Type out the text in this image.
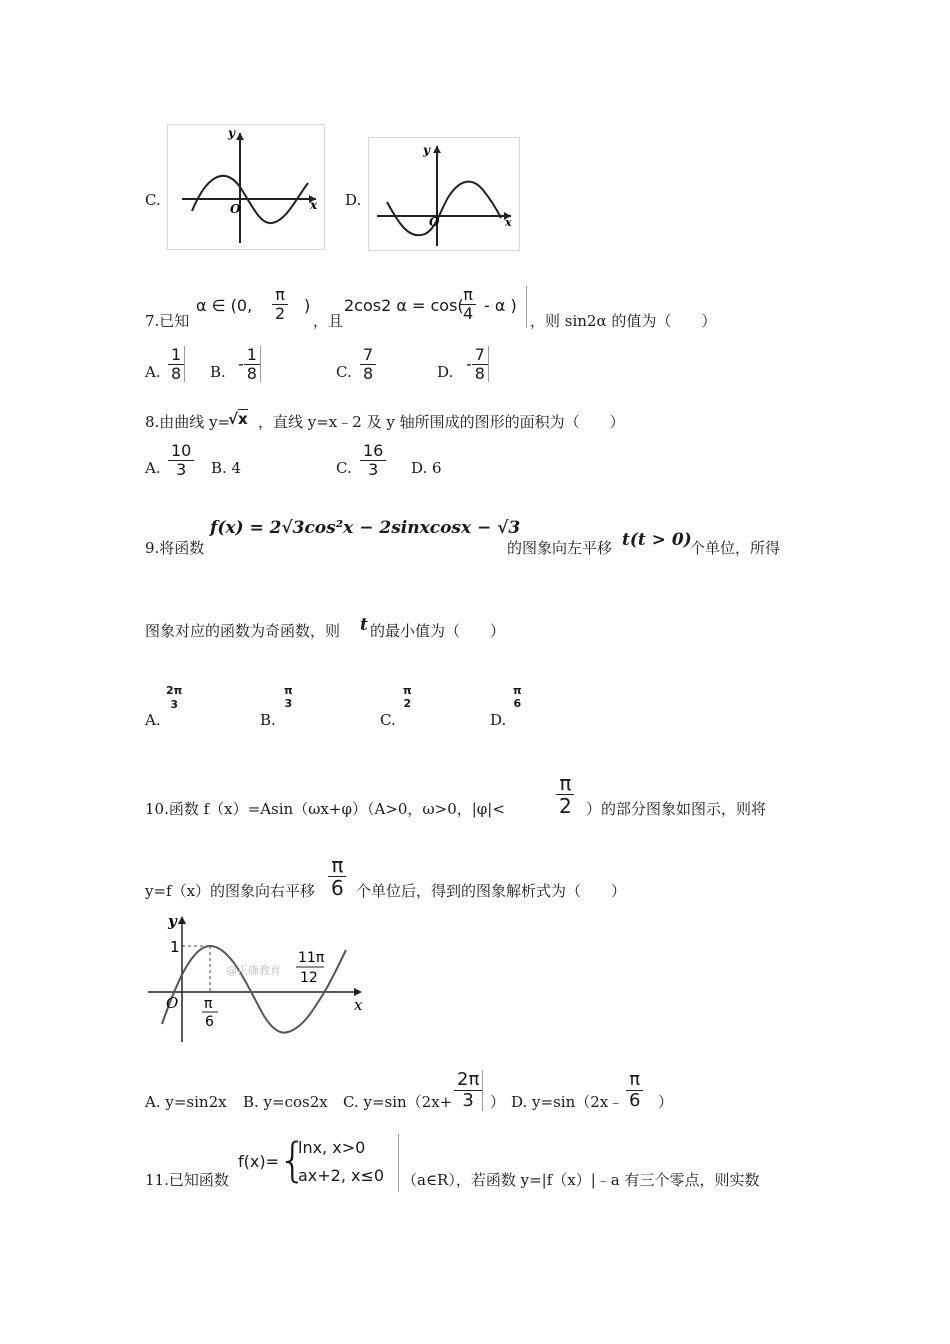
C.
y
x
O	D.
y
x
O
7.已知
α ∈ (0, $\frac{\pi}{2}$ )
，且
2cos2 α = cos(
$\frac{\pi}{4}$ - α )
，则 sin2α 的值为（　　）
A. $\frac{1}{8} B$. - $\frac{1}{8}$	C. $\frac{7}{8}$	D. - $\frac{7}{8}$
8.由曲线 y=
√x ，直线 y=x﹣2 及 y 轴所围成的图形的面积为（　　）
A. $\frac{10}{3} B$. 4	C. $\frac{16}{3} D$. 6
9.将函数
f(x) = 2√3cos²x − 2sinxcosx − √3
的图象向左平移 t(t > 0)
个单位，所得
图象对应的函数为奇函数，则 t 的最小值为（　　）
A.
$\frac{2\pi}{3}$
B.
π
3
C.
π
2
D.
π
6
10.函数 f（x）=Asin（ωx+φ）（A>0，ω>0，|φ|<	$\frac{\pi}{2}$ ）的部分图象如图示，则将
y=f（x）的图象向右平移 $\frac{\pi}{6}$ 个单位后，得到的图象解析式为（　　）
y
x
1
O π
6
11π
12
@正确教育
A. y=sin2x B. y=cos2x C. $y=\sin(2x+ \frac{2\pi}{3}$ ） D. y=sin（2x﹣ $\frac{\pi}{6}$ ）
11.已知函数
f(x)= {
lnx, x>0
ax+2, x≤0 （a∈R），若函数 y=|f（x）|﹣a 有三个零点，则实数
